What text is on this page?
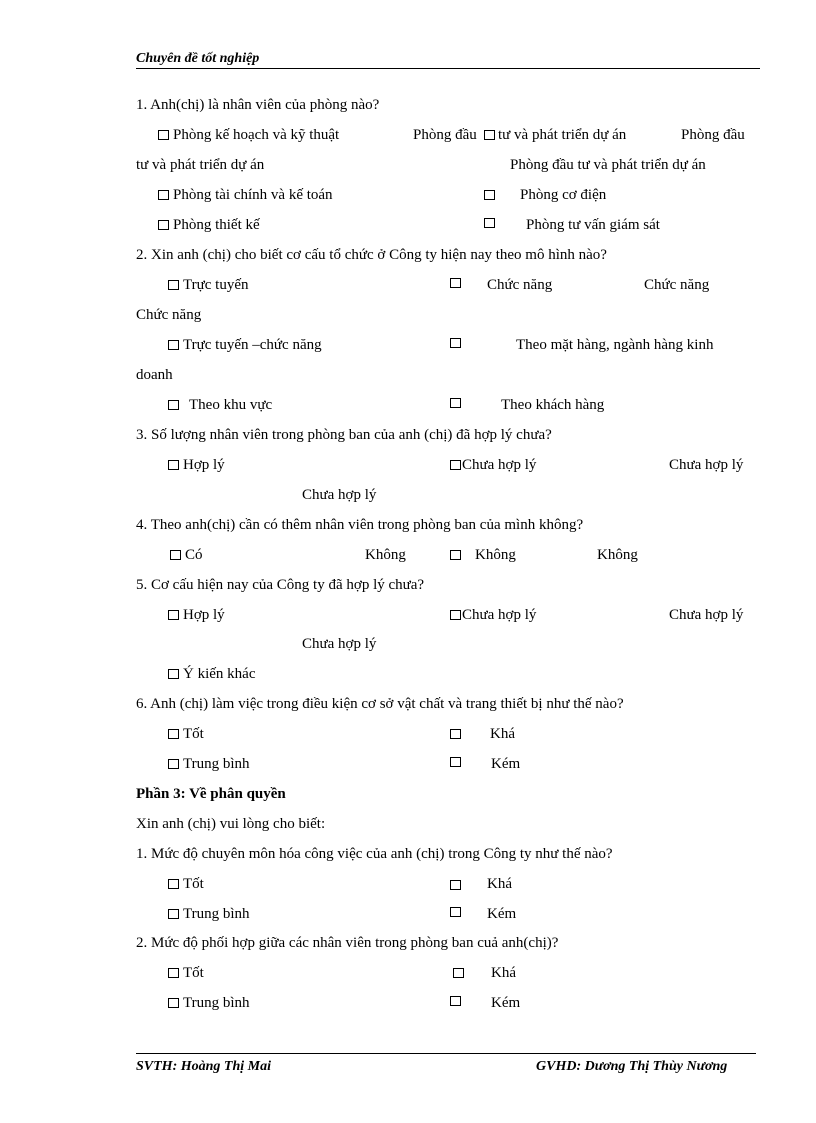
Chuyên đề tốt nghiệp
1. Anh(chị) là nhân viên của phòng nào?
Phòng kế hoạch và kỹ thuật	Phòng đầu tư và phát triển dự án	Phòng đầu
tư và phát triển dự án	Phòng đầu tư và phát triển dự án
Phòng tài chính và kế toán	Phòng cơ điện
Phòng thiết kế	Phòng tư vấn giám sát
2. Xin anh (chị) cho biết cơ cấu tổ chức ở Công ty hiện nay theo mô hình nào?
Trực tuyến	Chức năng	Chức năng
Chức năng
Trực tuyến –chức năng	Theo mặt hàng, ngành hàng kinh
doanh
Theo khu vực	Theo khách hàng
3. Số lượng nhân viên trong phòng ban của anh (chị) đã hợp lý chưa?
Hợp lý	Chưa hợp lý	Chưa hợp lý
Chưa hợp lý
4. Theo anh(chị) cần có thêm nhân viên trong phòng ban của mình không?
Có	Không	Không	Không
5. Cơ cấu hiện nay của Công ty đã hợp lý chưa?
Hợp lý	Chưa hợp lý	Chưa hợp lý
Chưa hợp lý
Ý kiến khác
6. Anh (chị) làm việc trong điều kiện cơ sở vật chất và trang thiết bị như thế nào?
Tốt	Khá
Trung bình	Kém
Phần 3: Về phân quyền
Xin anh (chị) vui lòng cho biết:
1. Mức độ chuyên môn hóa công việc của anh (chị) trong Công ty như thế nào?
Tốt	Khá
Trung bình	Kém
2. Mức độ phối hợp giữa các nhân viên trong phòng ban cuả anh(chị)?
Tốt	Khá
Trung bình	Kém
SVTH: Hoàng Thị Mai	GVHD: Dương Thị Thùy Nương
